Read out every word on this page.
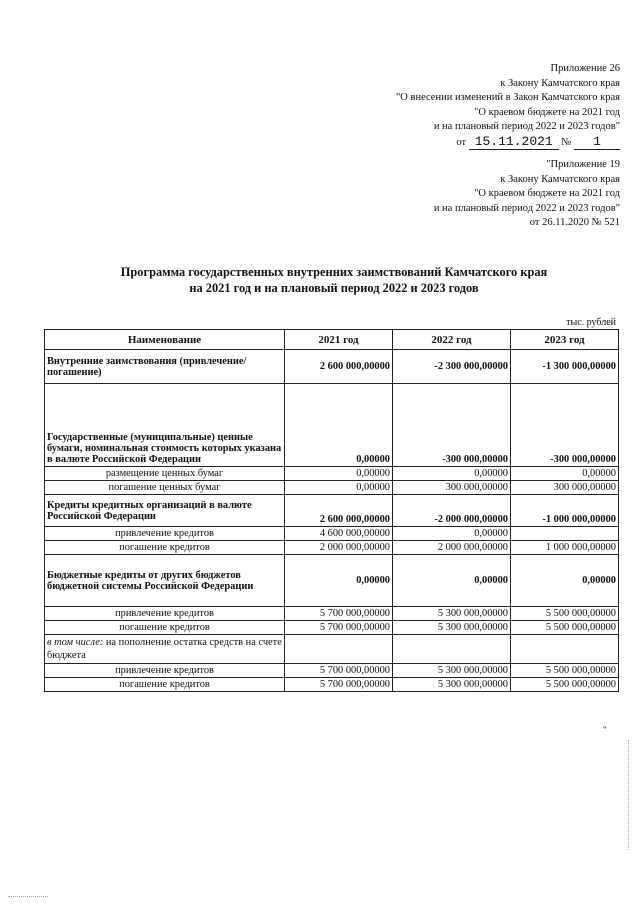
Приложение 26
к Закону Камчатского края
"О внесении изменений в Закон Камчатского края
"О краевом бюджете на 2021 год
и на плановый период 2022 и 2023 годов"
от 15.11.2021 № 1
"Приложение 19
к Закону Камчатского края
"О краевом бюджете на 2021 год
и на плановый период 2022 и 2023 годов"
от 26.11.2020 № 521
Программа государственных внутренних заимствований Камчатского края
на 2021 год и на плановый период 2022 и 2023 годов
тыс. рублей
Наименование	2021 год	2022 год	2023 год
Внутренние заимствования (привлечение/погашение)	2 600 000,00000	-2 300 000,00000	-1 300 000,00000
Государственные (муниципальные) ценные бумаги, номинальная стоимость которых указана в валюте Российской Федерации	0,00000	-300 000,00000	-300 000,00000
размещение ценных бумаг	0,00000	0,00000	0,00000
погашение ценных бумаг	0,00000	300 000,00000	300 000,00000
Кредиты кредитных организаций в валюте Российской Федерации	2 600 000,00000	-2 000 000,00000	-1 000 000,00000
привлечение кредитов	4 600 000,00000	0,00000	
погашение кредитов	2 000 000,00000	2 000 000,00000	1 000 000,00000
Бюджетные кредиты от других бюджетов бюджетной системы Российской Федерации	0,00000	0,00000	0,00000
привлечение кредитов	5 700 000,00000	5 300 000,00000	5 500 000,00000
погашение кредитов	5 700 000,00000	5 300 000,00000	5 500 000,00000
в том числе: на пополнение остатка средств на счете бюджета			
привлечение кредитов	5 700 000,00000	5 300 000,00000	5 500 000,00000
погашение кредитов	5 700 000,00000	5 300 000,00000	5 500 000,00000
"
